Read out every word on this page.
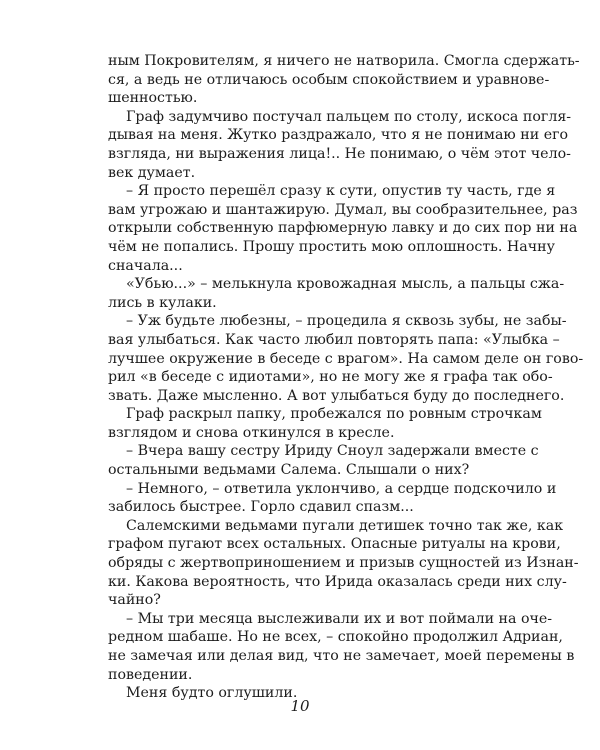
ным Покровителям, я ничего не натворила. Смогла сдержать-
ся, а ведь не отличаюсь особым спокойствием и уравнове-
шенностью.
Граф задумчиво постучал пальцем по столу, искоса погля-
дывая на меня. Жутко раздражало, что я не понимаю ни его
взгляда, ни выражения лица!.. Не понимаю, о чём этот чело-
век думает.
– Я просто перешёл сразу к сути, опустив ту часть, где я
вам угрожаю и шантажирую. Думал, вы сообразительнее, раз
открыли собственную парфюмерную лавку и до сих пор ни на
чём не попались. Прошу простить мою оплошность. Начну
сначала...
«Убью...» – мелькнула кровожадная мысль, а пальцы сжа-
лись в кулаки.
– Уж будьте любезны, – процедила я сквозь зубы, не забы-
вая улыбаться. Как часто любил повторять папа: «Улыбка –
лучшее окружение в беседе с врагом». На самом деле он гово-
рил «в беседе с идиотами», но не могу же я графа так обо-
звать. Даже мысленно. А вот улыбаться буду до последнего.
Граф раскрыл папку, пробежался по ровным строчкам
взглядом и снова откинулся в кресле.
– Вчера вашу сестру Ириду Сноул задержали вместе с
остальными ведьмами Салема. Слышали о них?
– Немного, – ответила уклончиво, а сердце подскочило и
забилось быстрее. Горло сдавил спазм...
Салемскими ведьмами пугали детишек точно так же, как
графом пугают всех остальных. Опасные ритуалы на крови,
обряды с жертвоприношением и призыв сущностей из Изнан-
ки. Какова вероятность, что Ирида оказалась среди них слу-
чайно?
– Мы три месяца выслеживали их и вот поймали на оче-
редном шабаше. Но не всех, – спокойно продолжил Адриан,
не замечая или делая вид, что не замечает, моей перемены в
поведении.
Меня будто оглушили.
10
